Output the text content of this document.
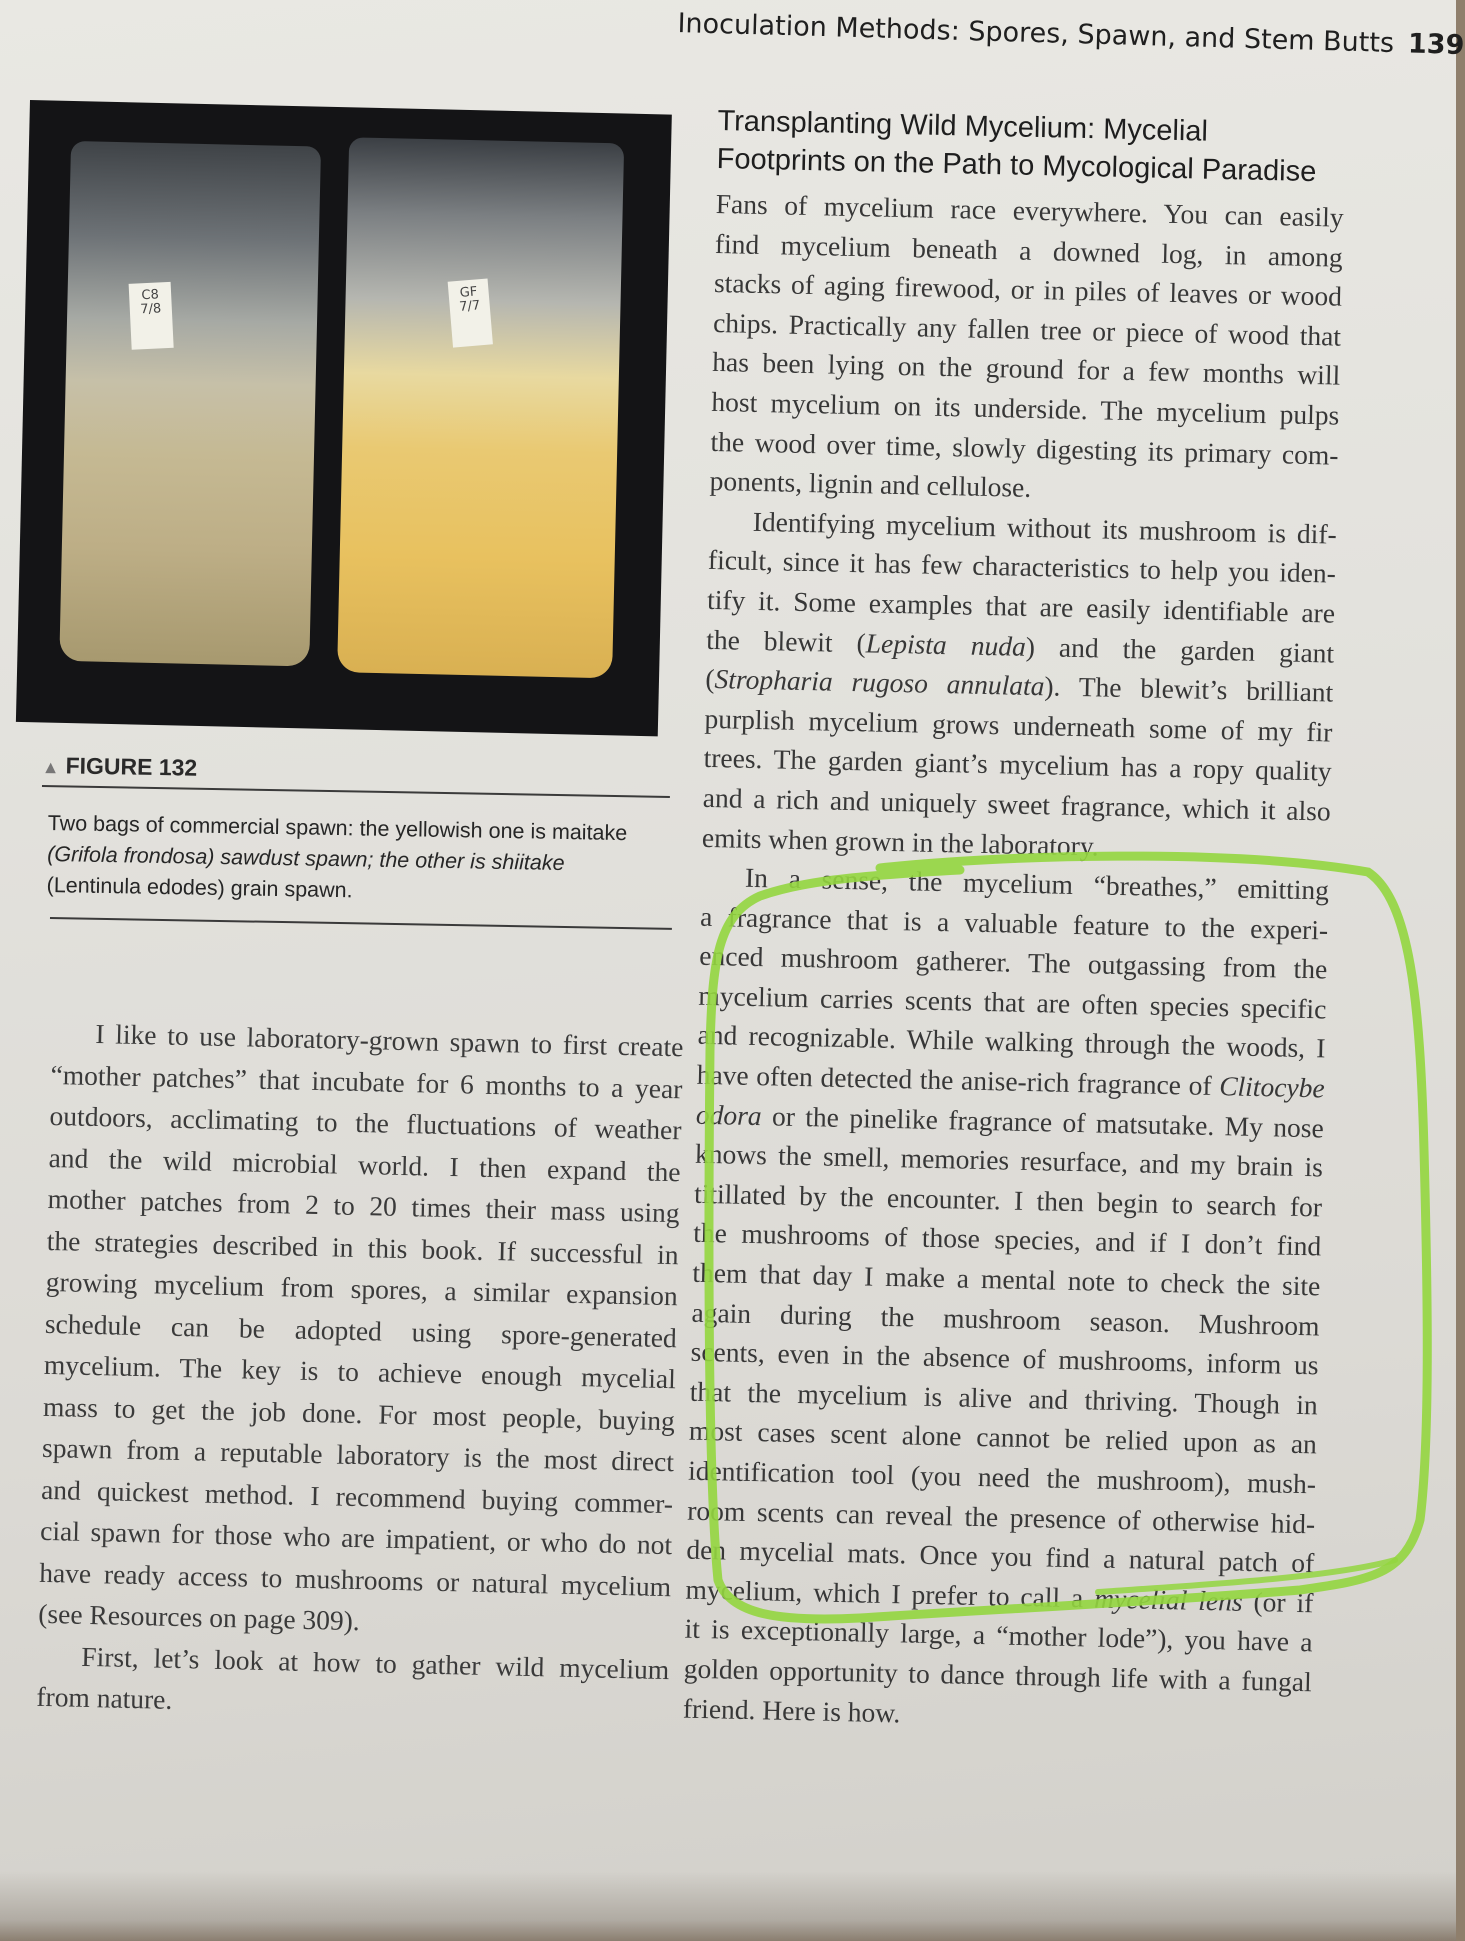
Inoculation Methods: Spores, Spawn, and Stem Butts 139
C8 7/8
GF 7/7
▲ FIGURE 132
Two bags of commercial spawn: the yellowish one is maitake
(Grifola frondosa) sawdust spawn; the other is shiitake
(Lentinula edodes) grain spawn.
I like to use laboratory-grown spawn to first create
“mother patches” that incubate for 6 months to a year
outdoors, acclimating to the fluctuations of weather
and the wild microbial world. I then expand the
mother patches from 2 to 20 times their mass using
the strategies described in this book. If successful in
growing mycelium from spores, a similar expansion
schedule can be adopted using spore-generated
mycelium. The key is to achieve enough mycelial
mass to get the job done. For most people, buying
spawn from a reputable laboratory is the most direct
and quickest method. I recommend buying commer-
cial spawn for those who are impatient, or who do not
have ready access to mushrooms or natural mycelium
(see Resources on page 309).
First, let’s look at how to gather wild mycelium
from nature.
Transplanting Wild Mycelium: Mycelial
Footprints on the Path to Mycological Paradise
Fans of mycelium race everywhere. You can easily
find mycelium beneath a downed log, in among
stacks of aging firewood, or in piles of leaves or wood
chips. Practically any fallen tree or piece of wood that
has been lying on the ground for a few months will
host mycelium on its underside. The mycelium pulps
the wood over time, slowly digesting its primary com-
ponents, lignin and cellulose.
Identifying mycelium without its mushroom is dif-
ficult, since it has few characteristics to help you iden-
tify it. Some examples that are easily identifiable are
the blewit (Lepista nuda) and the garden giant
(Stropharia rugoso annulata). The blewit’s brilliant
purplish mycelium grows underneath some of my fir
trees. The garden giant’s mycelium has a ropy quality
and a rich and uniquely sweet fragrance, which it also
emits when grown in the laboratory.
In a sense, the mycelium “breathes,” emitting
a fragrance that is a valuable feature to the experi-
enced mushroom gatherer. The outgassing from the
mycelium carries scents that are often species specific
and recognizable. While walking through the woods, I
have often detected the anise-rich fragrance of Clitocybe
odora or the pinelike fragrance of matsutake. My nose
knows the smell, memories resurface, and my brain is
titillated by the encounter. I then begin to search for
the mushrooms of those species, and if I don’t find
them that day I make a mental note to check the site
again during the mushroom season. Mushroom
scents, even in the absence of mushrooms, inform us
that the mycelium is alive and thriving. Though in
most cases scent alone cannot be relied upon as an
identification tool (you need the mushroom), mush-
room scents can reveal the presence of otherwise hid-
den mycelial mats. Once you find a natural patch of
mycelium, which I prefer to call a mycelial lens (or if
it is exceptionally large, a “mother lode”), you have a
golden opportunity to dance through life with a fungal
friend. Here is how.
